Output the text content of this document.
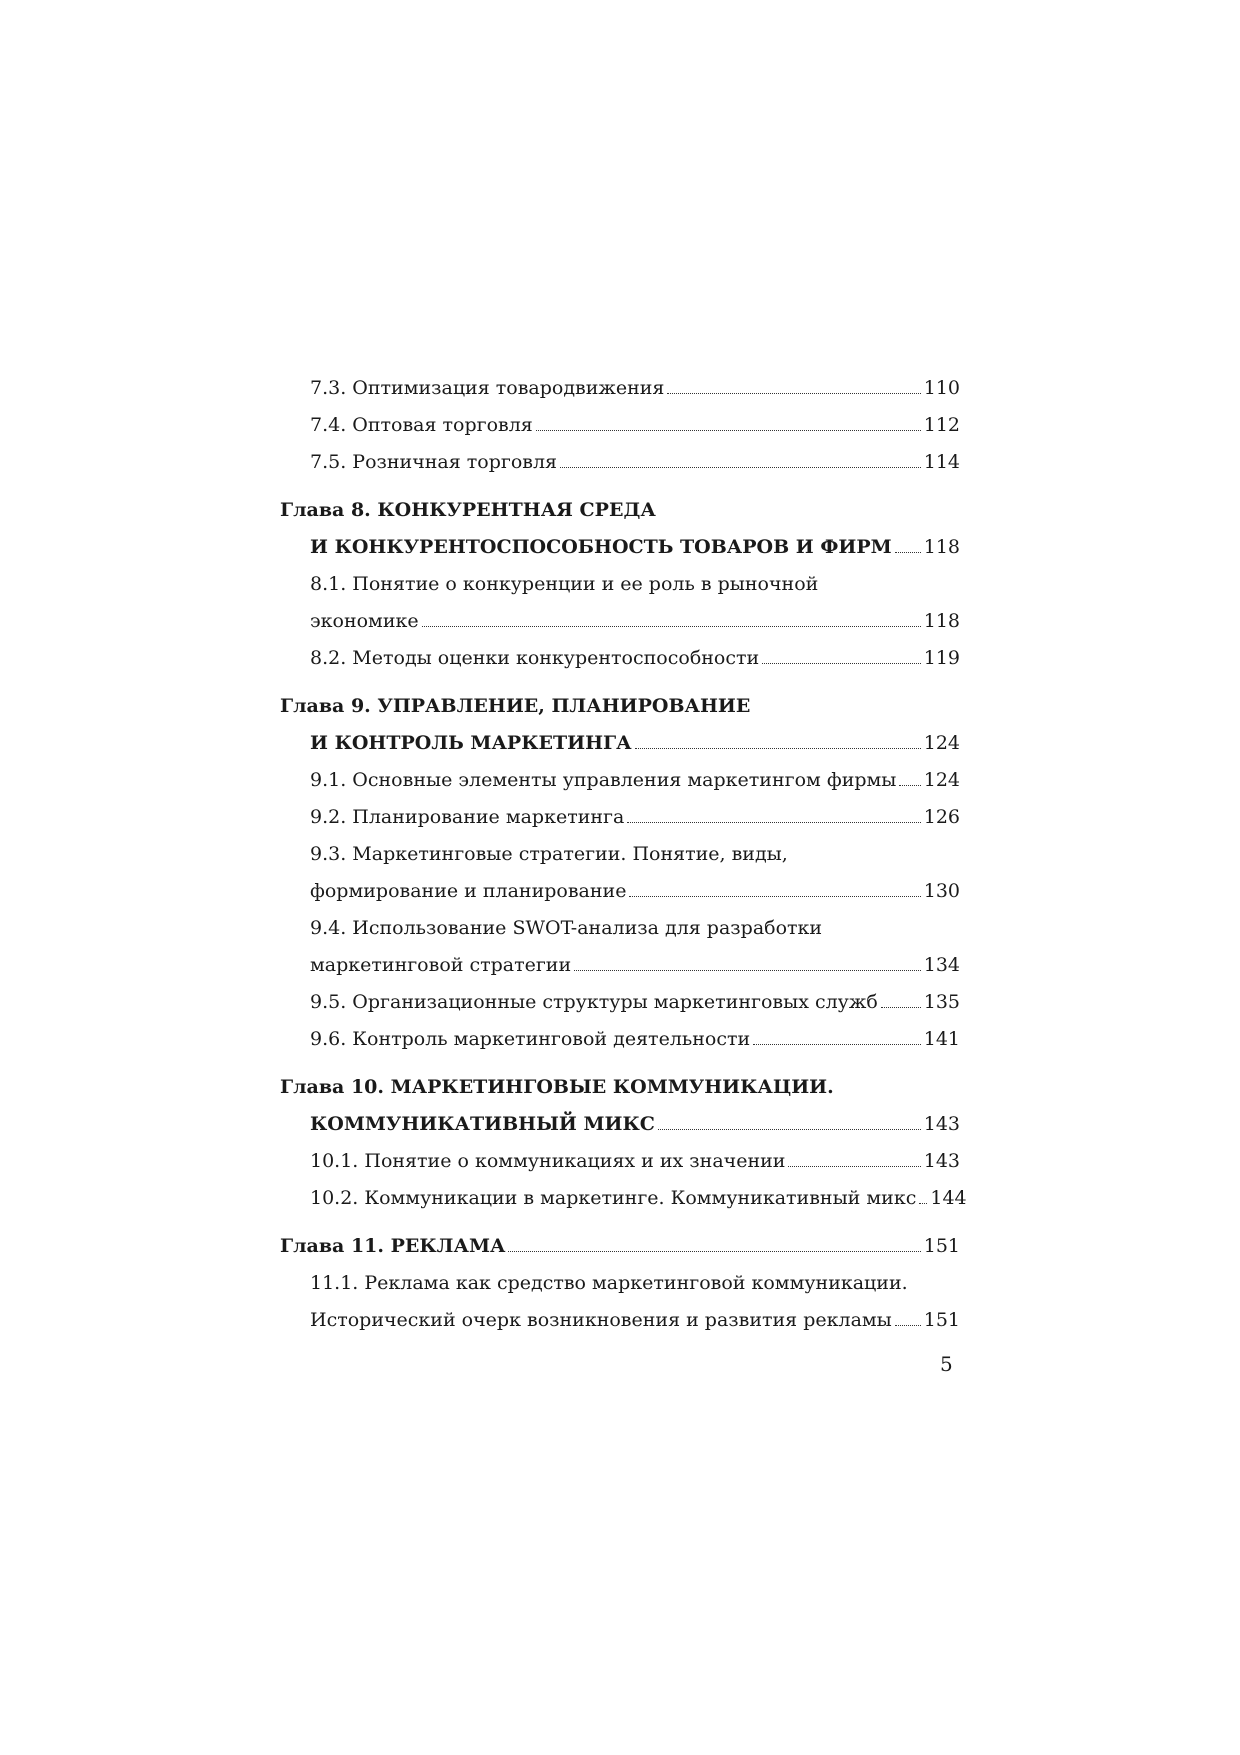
7.3. Оптимизация товародвижения	110
7.4. Оптовая торговля	112
7.5. Розничная торговля	114
Глава 8. КОНКУРЕНТНАЯ СРЕДА
И КОНКУРЕНТОСПОСОБНОСТЬ ТОВАРОВ И ФИРМ 118
8.1. Понятие о конкуренции и ее роль в рыночной
экономике	118
8.2. Методы оценки конкурентоспособности	119
Глава 9. УПРАВЛЕНИЕ, ПЛАНИРОВАНИЕ
И КОНТРОЛЬ МАРКЕТИНГА	124
9.1. Основные элементы управления маркетингом фирмы 124
9.2. Планирование маркетинга	126
9.3. Маркетинговые стратегии. Понятие, виды,
формирование и планирование	130
9.4. Использование SWOT-анализа для разработки
маркетинговой стратегии	134
9.5. Организационные структуры маркетинговых служб 135
9.6. Контроль маркетинговой деятельности	141
Глава 10. МАРКЕТИНГОВЫЕ КОММУНИКАЦИИ.
КОММУНИКАТИВНЫЙ МИКС	143
10.1. Понятие о коммуникациях и их значении	143
10.2. Коммуникации в маркетинге. Коммуникативный микс 144
Глава 11. РЕКЛАМА	151
11.1. Реклама как средство маркетинговой коммуникации.
Исторический очерк возникновения и развития рекламы 151
5
